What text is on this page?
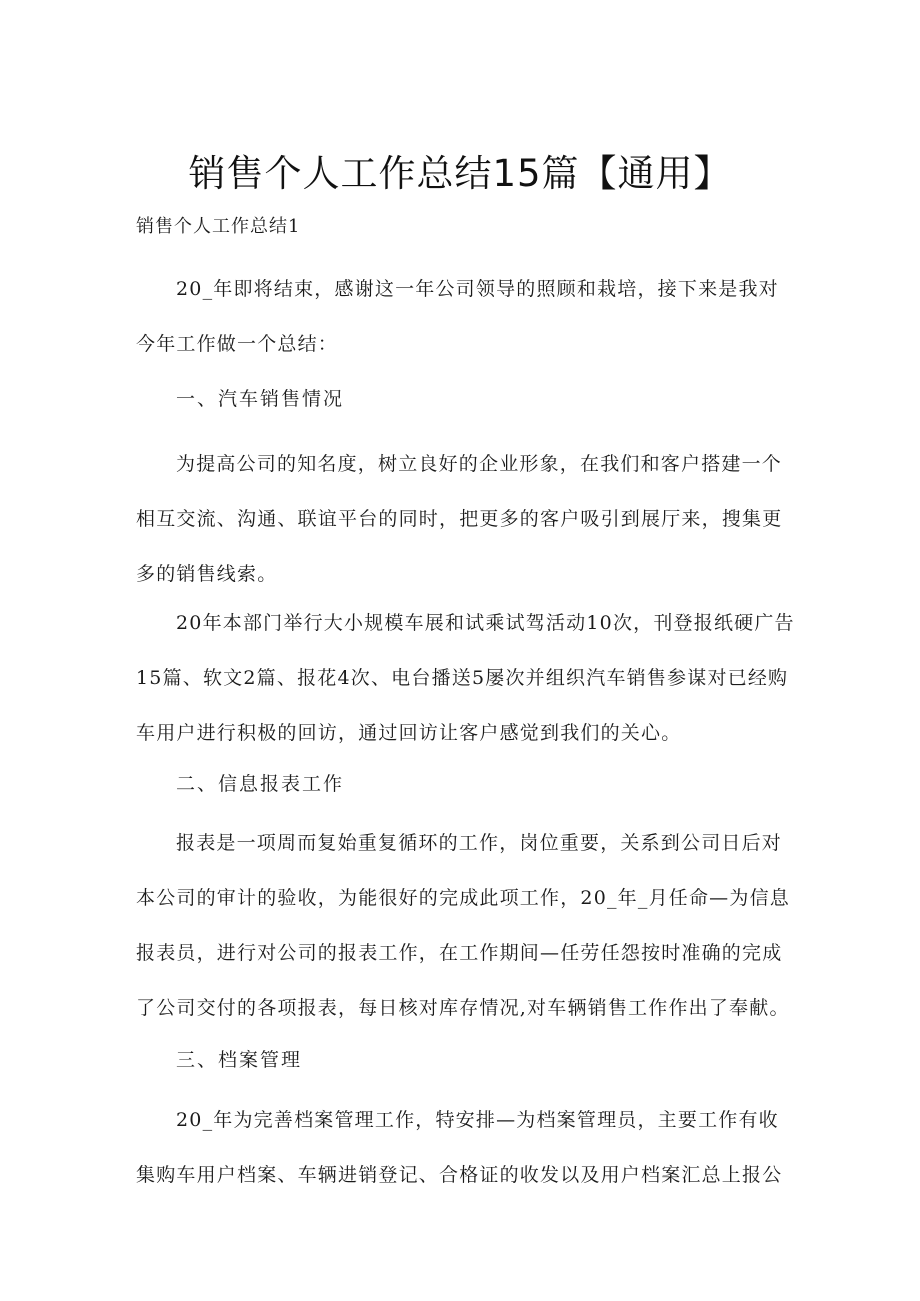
销售个人工作总结15篇【通用】
销售个人工作总结1
20_年即将结束，感谢这一年公司领导的照顾和栽培，接下来是我对
今年工作做一个总结：
一、汽车销售情况
为提高公司的知名度，树立良好的企业形象，在我们和客户搭建一个
相互交流、沟通、联谊平台的同时，把更多的客户吸引到展厅来，搜集更
多的销售线索。
20年本部门举行大小规模车展和试乘试驾活动10次，刊登报纸硬广告
15篇、软文2篇、报花4次、电台播送5屡次并组织汽车销售参谋对已经购
车用户进行积极的回访，通过回访让客户感觉到我们的关心。
二、信息报表工作
报表是一项周而复始重复循环的工作，岗位重要，关系到公司日后对
本公司的审计的验收，为能很好的完成此项工作，20_年_月任命—为信息
报表员，进行对公司的报表工作，在工作期间—任劳任怨按时准确的完成
了公司交付的各项报表，每日核对库存情况,对车辆销售工作作出了奉献。
三、档案管理
20_年为完善档案管理工作，特安排—为档案管理员，主要工作有收
集购车用户档案、车辆进销登记、合格证的收发以及用户档案汇总上报公
